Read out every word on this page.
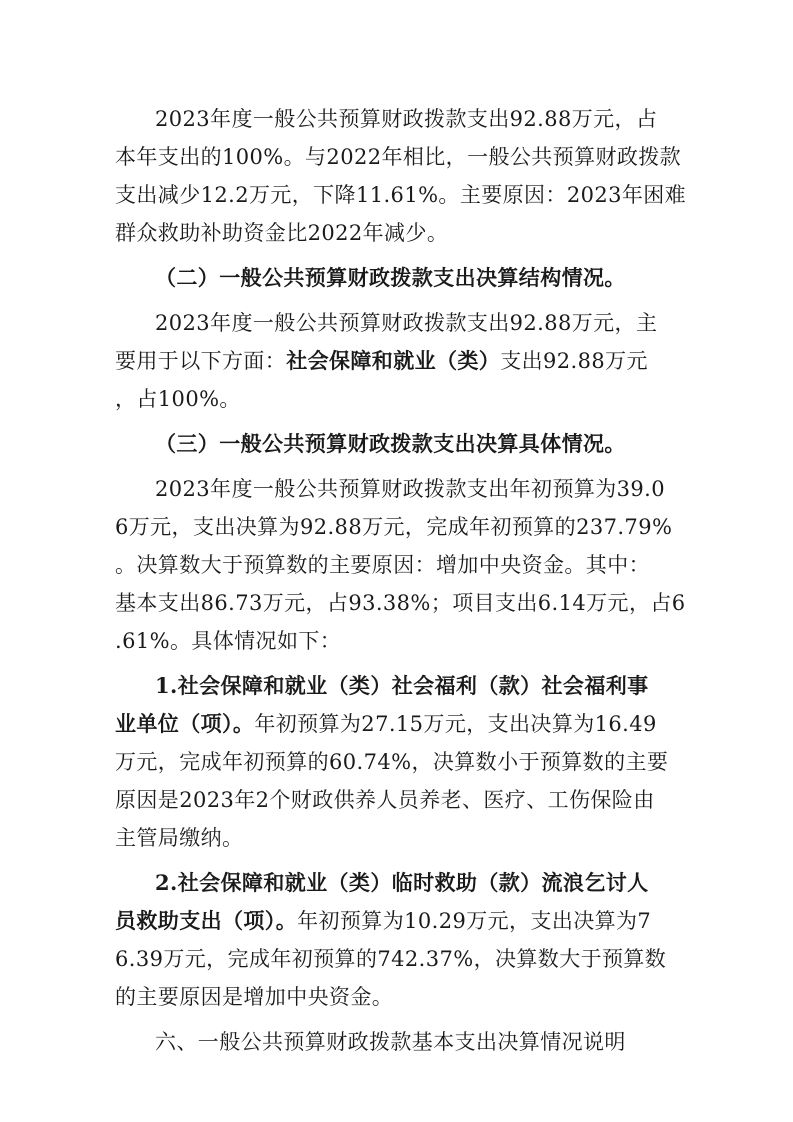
2023年度一般公共预算财政拨款支出92.88万元，占
本年支出的100%。与2022年相比，一般公共预算财政拨款
支出减少12.2万元，下降11.61%。主要原因：2023年困难
群众救助补助资金比2022年减少。
（二）一般公共预算财政拨款支出决算结构情况。
2023年度一般公共预算财政拨款支出92.88万元，主
要用于以下方面：社会保障和就业（类）支出92.88万元
，占100%。
（三）一般公共预算财政拨款支出决算具体情况。
2023年度一般公共预算财政拨款支出年初预算为39.0
6万元，支出决算为92.88万元，完成年初预算的237.79%
。决算数大于预算数的主要原因：增加中央资金。其中：
基本支出86.73万元，占93.38%；项目支出6.14万元，占6
.61%。具体情况如下：
1.社会保障和就业（类）社会福利（款）社会福利事
业单位（项）。年初预算为27.15万元，支出决算为16.49
万元，完成年初预算的60.74%，决算数小于预算数的主要
原因是2023年2个财政供养人员养老、医疗、工伤保险由
主管局缴纳。
2.社会保障和就业（类）临时救助（款）流浪乞讨人
员救助支出（项）。年初预算为10.29万元，支出决算为7
6.39万元，完成年初预算的742.37%，决算数大于预算数
的主要原因是增加中央资金。
六、一般公共预算财政拨款基本支出决算情况说明
